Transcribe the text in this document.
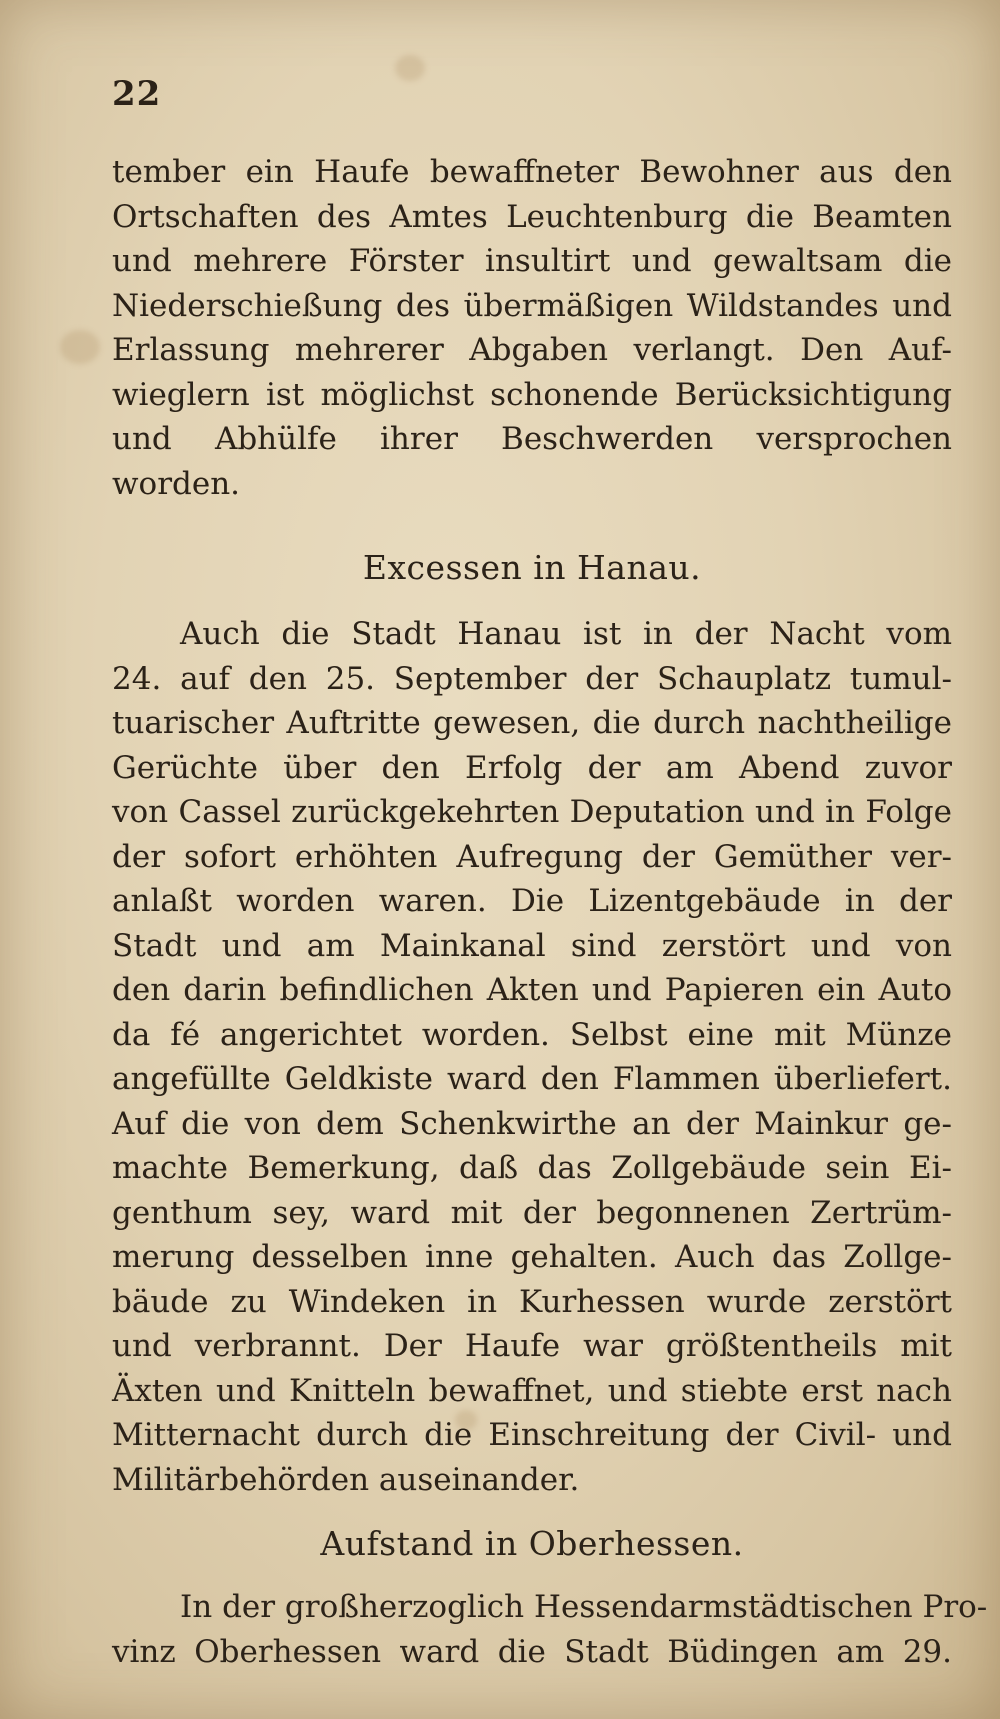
22
tember ein Haufe bewaffneter Bewohner aus den
Ortschaften des Amtes Leuchtenburg die Beamten
und mehrere Förster insultirt und gewaltsam die
Niederschießung des übermäßigen Wildstandes und
Erlassung mehrerer Abgaben verlangt. Den Auf-
wieglern ist möglichst schonende Berücksichtigung
und Abhülfe ihrer Beschwerden versprochen
worden.
Excessen in Hanau.
Auch die Stadt Hanau ist in der Nacht vom
24. auf den 25. September der Schauplatz tumul-
tuarischer Auftritte gewesen, die durch nachtheilige
Gerüchte über den Erfolg der am Abend zuvor
von Cassel zurückgekehrten Deputation und in Folge
der sofort erhöhten Aufregung der Gemüther ver-
anlaßt worden waren. Die Lizentgebäude in der
Stadt und am Mainkanal sind zerstört und von
den darin befindlichen Akten und Papieren ein Auto
da fé angerichtet worden. Selbst eine mit Münze
angefüllte Geldkiste ward den Flammen überliefert.
Auf die von dem Schenkwirthe an der Mainkur ge-
machte Bemerkung, daß das Zollgebäude sein Ei-
genthum sey, ward mit der begonnenen Zertrüm-
merung desselben inne gehalten. Auch das Zollge-
bäude zu Windeken in Kurhessen wurde zerstört
und verbrannt. Der Haufe war größtentheils mit
Äxten und Knitteln bewaffnet, und stiebte erst nach
Mitternacht durch die Einschreitung der Civil- und
Militärbehörden auseinander.
Aufstand in Oberhessen.
In der großherzoglich Hessendarmstädtischen Pro-
vinz Oberhessen ward die Stadt Büdingen am 29.
